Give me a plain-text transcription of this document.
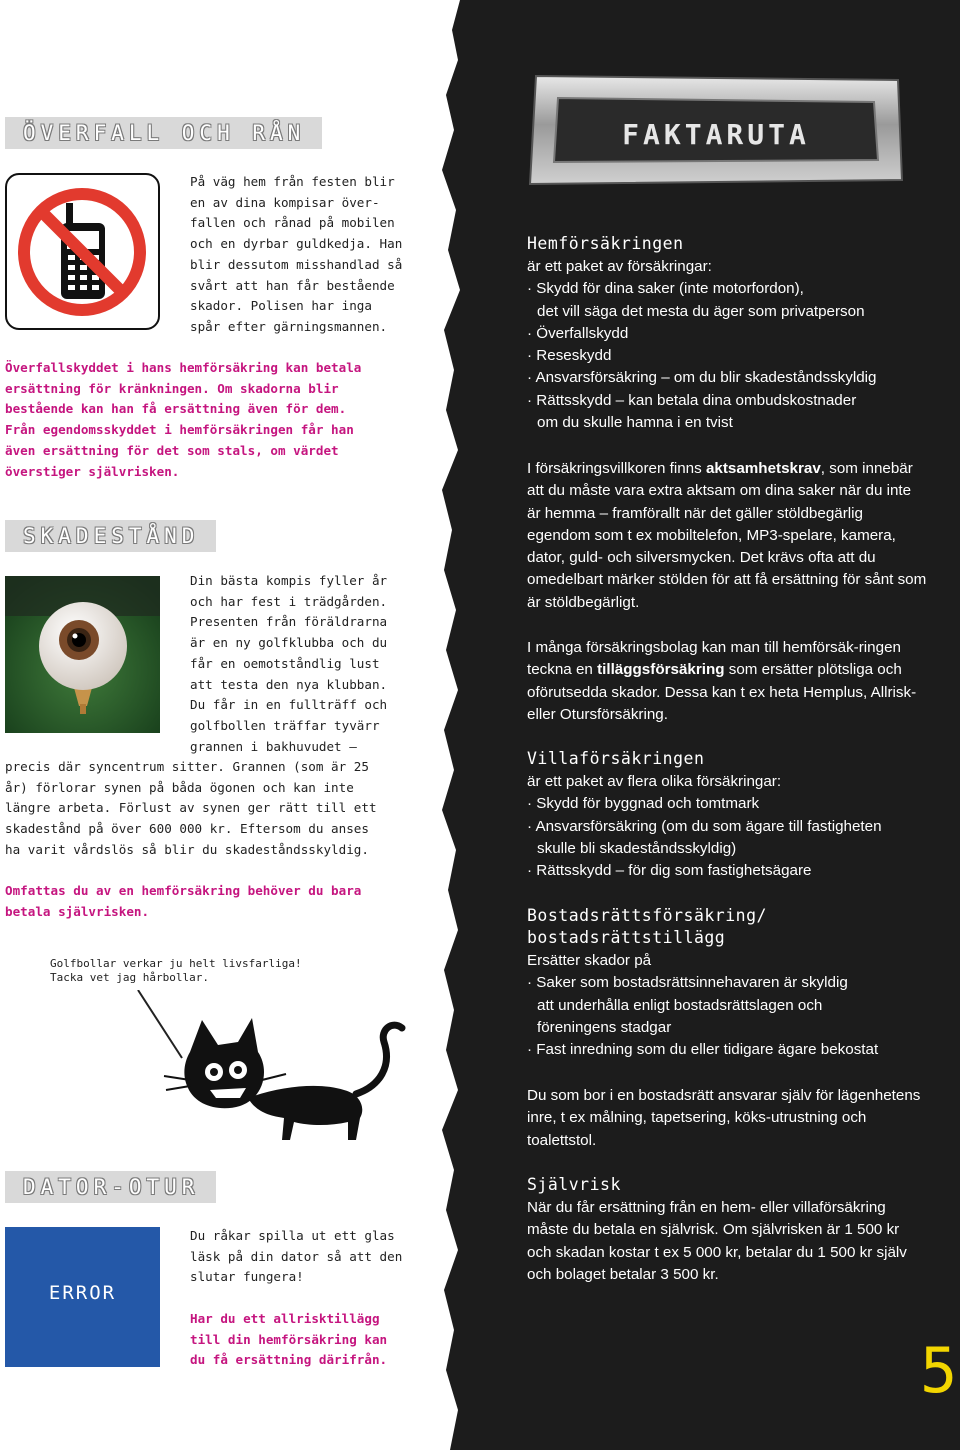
ÖVERFALL OCH RÅN
På väg hem från festen blir
en av dina kompisar över-
fallen och rånad på mobilen
och en dyrbar guldkedja. Han
blir dessutom misshandlad så
svårt att han får bestående
skador. Polisen har inga
spår efter gärningsmannen.
Överfallskyddet i hans hemförsäkring kan betala
ersättning för kränkningen. Om skadorna blir
bestående kan han få ersättning även för dem.
Från egendomsskyddet i hemförsäkringen får han
även ersättning för det som stals, om värdet
överstiger självrisken.
SKADESTÅND
Din bästa kompis fyller år
och har fest i trädgården.
Presenten från föräldrarna
är en ny golfklubba och du
får en oemotståndlig lust
att testa den nya klubban.
Du får in en fullträff och
golfbollen träffar tyvärr
grannen i bakhuvudet –
precis där syncentrum sitter. Grannen (som är 25
år) förlorar synen på båda ögonen och kan inte
längre arbeta. Förlust av synen ger rätt till ett
skadestånd på över 600 000 kr. Eftersom du anses
ha varit vårdslös så blir du skadeståndsskyldig.
Omfattas du av en hemförsäkring behöver du bara
betala självrisken.
Golfbollar verkar ju helt livsfarliga!
Tacka vet jag hårbollar.
DATOR-OTUR
ERROR
Du råkar spilla ut ett glas
läsk på din dator så att den
slutar fungera!
Har du ett allrisktillägg
till din hemförsäkring kan
du få ersättning därifrån.
FAKTARUTA
Hemförsäkringen
är ett paket av försäkringar:
· Skydd för dina saker (inte motorfordon),
det vill säga det mesta du äger som privatperson
· Överfallskydd
· Reseskydd
· Ansvarsförsäkring – om du blir skadeståndsskyldig
· Rättsskydd – kan betala dina ombudskostnader
om du skulle hamna i en tvist
I försäkringsvillkoren finns aktsamhetskrav, som innebär att du måste vara extra aktsam om dina saker när du inte är hemma – framförallt när det gäller stöldbegärlig egendom som t ex mobiltelefon, MP3-spelare, kamera, dator, guld- och silversmycken. Det krävs ofta att du omedelbart märker stölden för att få ersättning för sånt som är stöldbegärligt.
I många försäkringsbolag kan man till hemförsäk-ringen teckna en tilläggsförsäkring som ersätter plötsliga och oförutsedda skador. Dessa kan t ex heta Hemplus, Allrisk- eller Otursförsäkring.
Villaförsäkringen
är ett paket av flera olika försäkringar:
· Skydd för byggnad och tomtmark
· Ansvarsförsäkring (om du som ägare till fastigheten
skulle bli skadeståndsskyldig)
· Rättsskydd – för dig som fastighetsägare
Bostadsrättsförsäkring/
bostadsrättstillägg
Ersätter skador på
· Saker som bostadsrättsinnehavaren är skyldig
att underhålla enligt bostadsrättslagen och
föreningens stadgar
· Fast inredning som du eller tidigare ägare bekostat
Du som bor i en bostadsrätt ansvarar själv för lägenhetens inre, t ex målning, tapetsering, köks-utrustning och toalettstol.
Självrisk
När du får ersättning från en hem- eller villaförsäkring måste du betala en självrisk. Om självrisken är 1 500 kr och skadan kostar t ex 5 000 kr, betalar du 1 500 kr själv och bolaget betalar 3 500 kr.
5
